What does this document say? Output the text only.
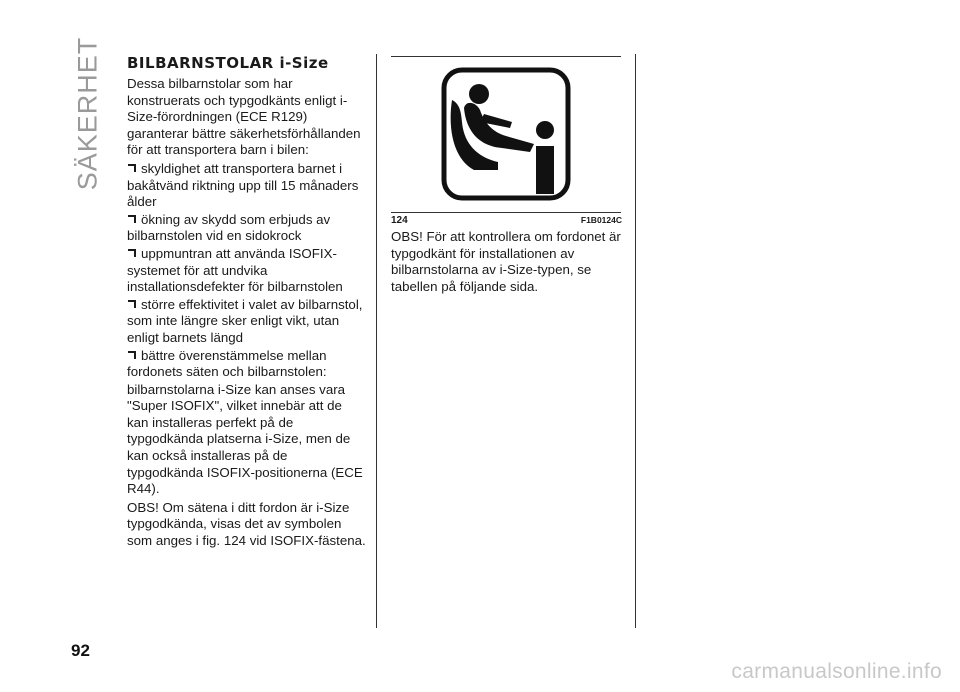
SÄKERHET
92
BILBARNSTOLAR i-Size
Dessa bilbarnstolar som har konstruerats och typgodkänts enligt i-Size-förordningen (ECE R129) garanterar bättre säkerhetsförhållanden för att transportera barn i bilen:
skyldighet att transportera barnet i bakåtvänd riktning upp till 15 månaders ålder
ökning av skydd som erbjuds av bilbarnstolen vid en sidokrock
uppmuntran att använda ISOFIX-systemet för att undvika installationsdefekter för bilbarnstolen
större effektivitet i valet av bilbarnstol, som inte längre sker enligt vikt, utan enligt barnets längd
bättre överenstämmelse mellan fordonets säten och bilbarnstolen:
bilbarnstolarna i-Size kan anses vara "Super ISOFIX", vilket innebär att de kan installeras perfekt på de typgodkända platserna i-Size, men de kan också installeras på de typgodkända ISOFIX-positionerna (ECE R44).
OBS! Om sätena i ditt fordon är i-Size typgodkända, visas det av symbolen som anges i fig. 124 vid ISOFIX-fästena.
124	F1B0124C
OBS! För att kontrollera om fordonet är typgodkänt för installationen av bilbarnstolarna av i-Size-typen, se tabellen på följande sida.
carmanualsonline.info
